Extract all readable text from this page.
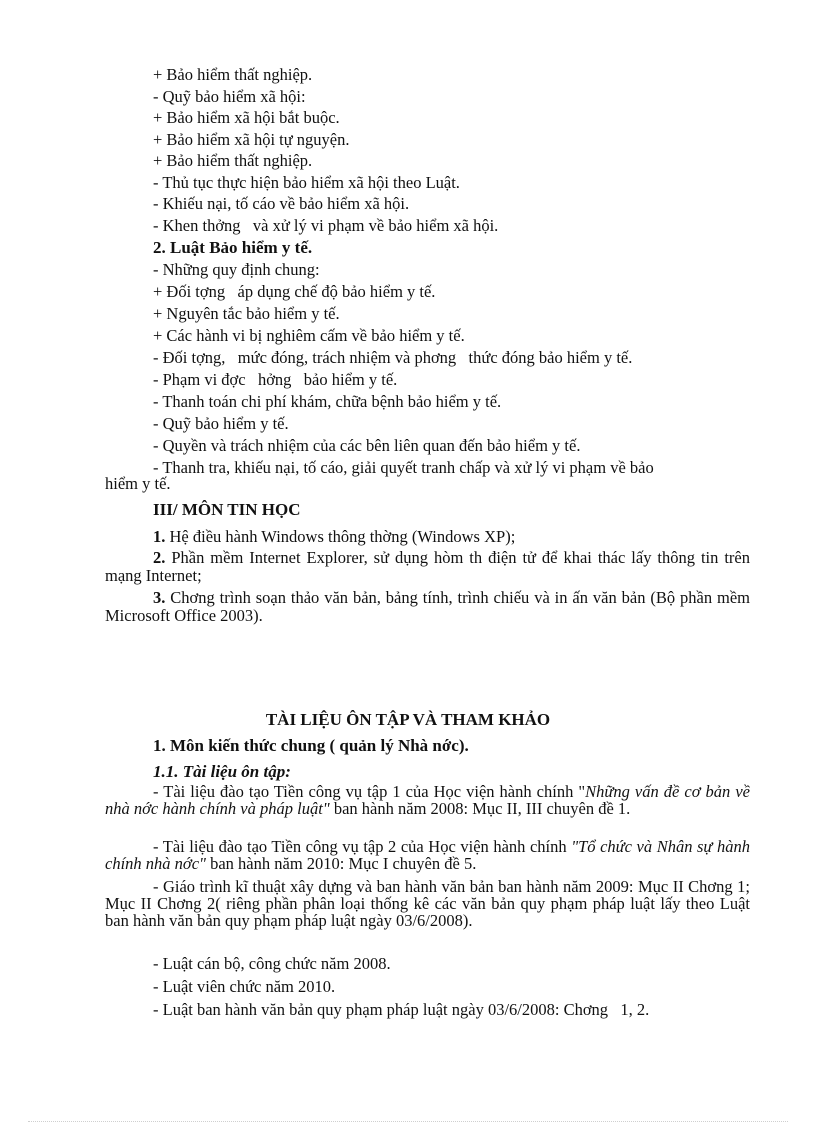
+ Bảo hiểm thất nghiệp.
- Quỹ bảo hiểm xã hội:
+ Bảo hiểm xã hội bắt buộc.
+ Bảo hiểm xã hội tự nguyện.
+ Bảo hiểm thất nghiệp.
- Thủ tục thực hiện bảo hiểm xã hội theo Luật.
- Khiếu nại, tố cáo về bảo hiểm xã hội.
- Khen thởng   và xử lý vi phạm về bảo hiểm xã hội.
2. Luật Bảo hiểm y tế.
- Những quy định chung:
+ Đối tợng   áp dụng chế độ bảo hiểm y tế.
+ Nguyên tắc bảo hiểm y tế.
+ Các hành vi bị nghiêm cấm về bảo hiểm y tế.
- Đối tợng,   mức đóng, trách nhiệm và phơng   thức đóng bảo hiểm y tế.
- Phạm vi đợc   hởng   bảo hiểm y tế.
- Thanh toán chi phí khám, chữa bệnh bảo hiểm y tế.
- Quỹ bảo hiểm y tế.
- Quyền và trách nhiệm của các bên liên quan đến bảo hiểm y tế.
- Thanh tra, khiếu nại, tố cáo, giải quyết tranh chấp và xử lý vi phạm về bảo
hiểm y tế.
III/ MÔN TIN HỌC
1. Hệ điều hành Windows thông thờng (Windows XP);
2. Phần mềm Internet Explorer, sử dụng hòm th điện tử để khai thác lấy thông tin trên mạng Internet;
3. Chơng trình soạn thảo văn bản, bảng tính, trình chiếu và in ấn văn bản (Bộ phần mềm Microsoft Office 2003).
TÀI LIỆU ÔN TẬP VÀ THAM KHẢO
1. Môn kiến thức chung ( quản lý Nhà nớc).
1.1. Tài liệu ôn tập:
- Tài liệu đào tạo Tiền công vụ tập 1 của Học viện hành chính "Những vấn đề cơ bản về nhà nớc hành chính và pháp luật" ban hành năm 2008: Mục II, III chuyên đề 1.
- Tài liệu đào tạo Tiền công vụ tập 2 của Học viện hành chính "Tổ chức và Nhân sự hành chính nhà nớc" ban hành năm 2010: Mục I chuyên đề 5.
- Giáo trình kĩ thuật xây dựng và ban hành văn bản ban hành năm 2009: Mục II Chơng 1; Mục II Chơng 2( riêng phần phân loại thống kê các văn bản quy phạm pháp luật lấy theo Luật ban hành văn bản quy phạm pháp luật ngày 03/6/2008).
- Luật cán bộ, công chức năm 2008.
- Luật viên chức năm 2010.
- Luật ban hành văn bản quy phạm pháp luật ngày 03/6/2008: Chơng   1, 2.
